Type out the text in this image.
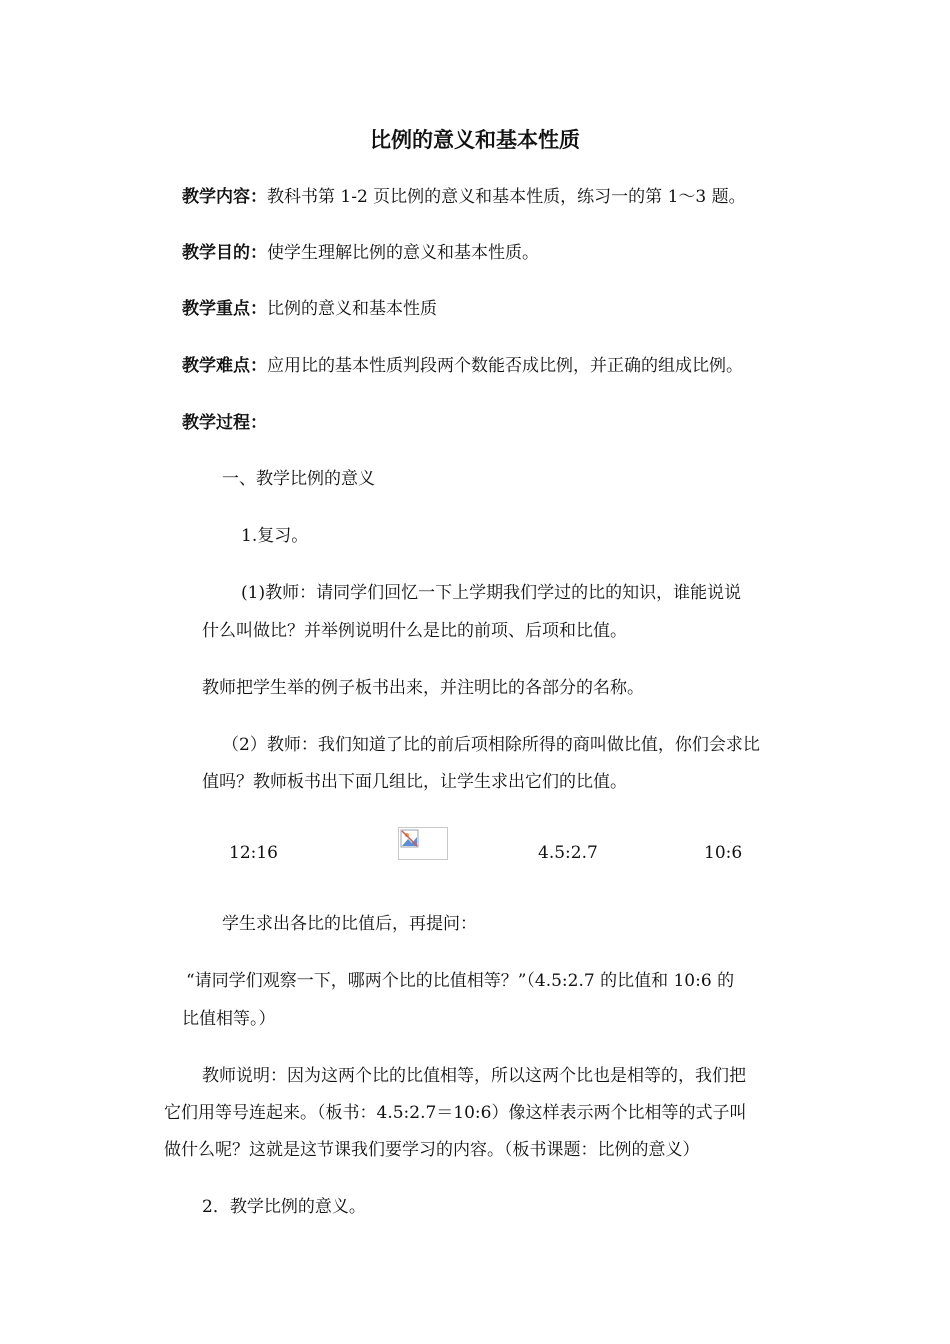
比例的意义和基本性质
教学内容：教科书第 1-2 页比例的意义和基本性质，练习一的第 1～3 题。
教学目的：使学生理解比例的意义和基本性质。
教学重点：比例的意义和基本性质
教学难点：应用比的基本性质判段两个数能否成比例，并正确的组成比例。
教学过程：
一、教学比例的意义
1.复习。
(1)教师：请同学们回忆一下上学期我们学过的比的知识，谁能说说
什么叫做比？并举例说明什么是比的前项、后项和比值。
教师把学生举的例子板书出来，并注明比的各部分的名称。
（2）教师：我们知道了比的前后项相除所得的商叫做比值，你们会求比
值吗？教师板书出下面几组比，让学生求出它们的比值。
12:16	4.5:2.7	10:6
学生求出各比的比值后，再提问：
“请同学们观察一下，哪两个比的比值相等？”（4.5:2.7 的比值和 10:6 的
比值相等。）
教师说明：因为这两个比的比值相等，所以这两个比也是相等的，我们把
它们用等号连起来。（板书：4.5:2.7＝10:6）像这样表示两个比相等的式子叫
做什么呢？这就是这节课我们要学习的内容。（板书课题：比例的意义）
2．教学比例的意义。
